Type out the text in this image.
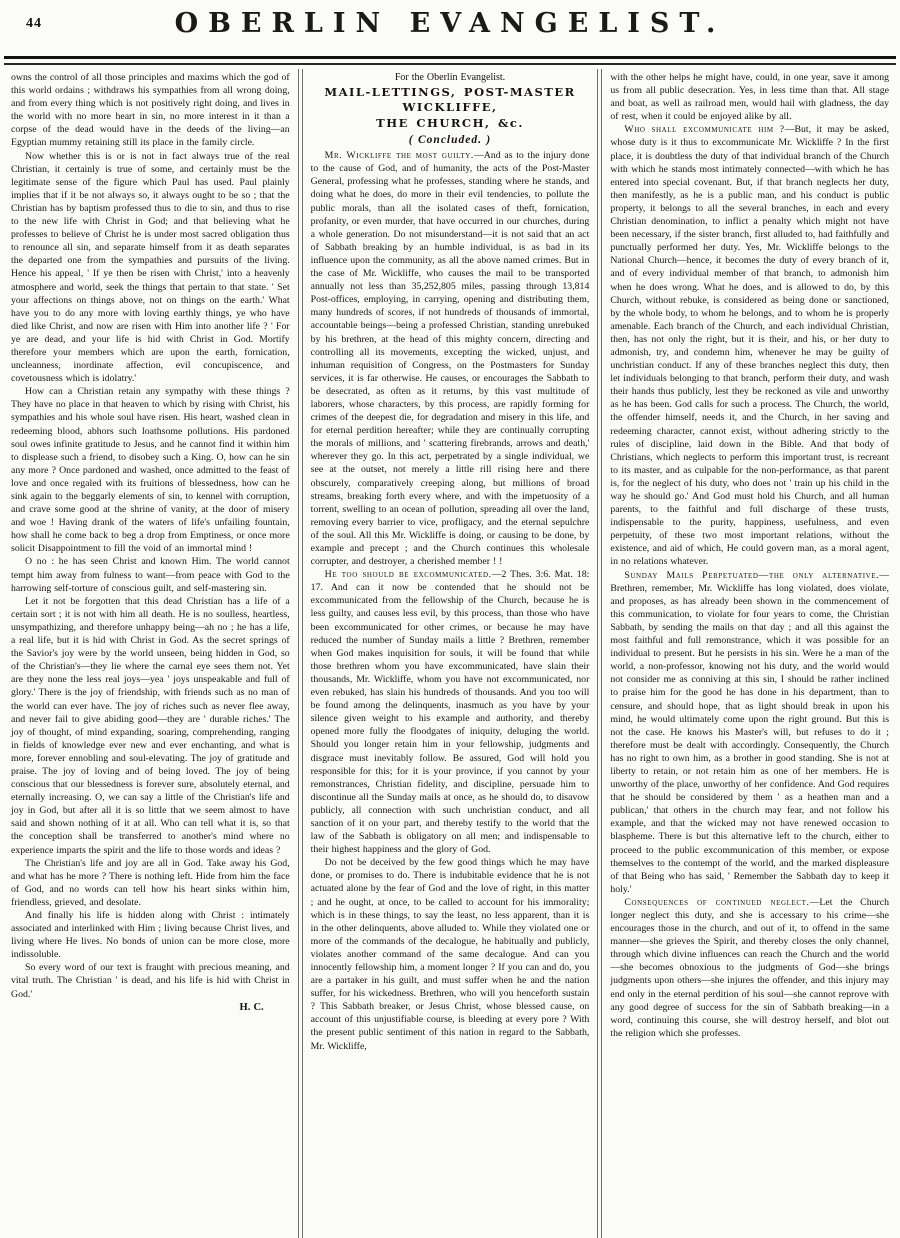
44	OBERLIN EVANGELIST.

owns the control of all those principles and maxims which the god of this world ordains ; withdraws his sympathies from all wrong doing, and from every thing which is not positively right doing, and lives in the world with no more heart in sin, no more interest in it than a corpse of the dead would have in the deeds of the living—an Egyptian mummy retaining still its place in the family circle.

Now whether this is or is not in fact always true of the real Christian, it certainly is true of some, and certainly must be the legitimate sense of the figure which Paul has used. Paul plainly implies that if it be not always so, it always ought to be so ; that the Christian has by baptism professed thus to die to sin, and thus to rise to the new life with Christ in God; and that believing what he professes to believe of Christ he is under most sacred obligation thus to renounce all sin, and separate himself from it as death separates the departed one from the sympathies and pursuits of the living. Hence his appeal, ' If ye then be risen with Christ,' into a heavenly atmosphere and world, seek the things that pertain to that state. ' Set your affections on things above, not on things on the earth.' What have you to do any more with loving earthly things, ye who have died like Christ, and now are risen with Him into another life ? ' For ye are dead, and your life is hid with Christ in God. Mortify therefore your members which are upon the earth, fornication, uncleanness, inordinate affection, evil concupiscence, and covetousness which is idolatry.'

How can a Christian retain any sympathy with these things ? They have no place in that heaven to which by rising with Christ, his sympathies and his whole soul have risen. His heart, washed clean in redeeming blood, abhors such loathsome pollutions. His pardoned soul owes infinite gratitude to Jesus, and he cannot find it within him to displease such a friend, to disobey such a King. O, how can he sin any more ? Once pardoned and washed, once admitted to the feast of love and once regaled with its fruitions of blessedness, how can he sink again to the beggarly elements of sin, to kennel with corruption, and crave some good at the shrine of vanity, at the door of misery and woe ! Having drank of the waters of life's unfailing fountain, how shall he come back to beg a drop from Emptiness, or once more solicit Disappointment to fill the void of an immortal mind !

O no : he has seen Christ and known Him. The world cannot tempt him away from fulness to want—from peace with God to the harrowing self-torture of conscious guilt, and self-mastering sin.

Let it not be forgotten that this dead Christian has a life of a certain sort ; it is not with him all death. He is no soulless, heartless, unsympathizing, and therefore unhappy being—ah no ; he has a life, a real life, but it is hid with Christ in God. As the secret springs of the Savior's joy were by the world unseen, being hidden in God, so of the Christian's—they lie where the carnal eye sees them not. Yet are they none the less real joys—yea ' joys unspeakable and full of glory.' There is the joy of friendship, with friends such as no man of the world can ever have. The joy of riches such as never flee away, and never fail to give abiding good—they are ' durable riches.' The joy of thought, of mind expanding, soaring, comprehending, ranging in fields of knowledge ever new and ever enchanting, and what is more, forever ennobling and soul-elevating. The joy of gratitude and praise. The joy of loving and of being loved. The joy of being conscious that our blessedness is forever sure, absolutely eternal, and eternally increasing. O, we can say a little of the Christian's life and joy in God, but after all it is so little that we seem almost to have said and shown nothing of it at all. Who can tell what it is, so that the conception shall be transferred to another's mind where no experience imparts the spirit and the life to those words and ideas ?

The Christian's life and joy are all in God. Take away his God, and what has he more ? There is nothing left. Hide from him the face of God, and no words can tell how his heart sinks within him, friendless, grieved, and desolate.

And finally his life is hidden along with Christ : intimately associated and interlinked with Him ; living because Christ lives, and living where He lives. No bonds of union can be more close, more indissoluble.

So every word of our text is fraught with precious meaning, and vital truth. The Christian ' is dead, and his life is hid with Christ in God.'

H. C.

For the Oberlin Evangelist.

MAIL-LETTINGS, POST-MASTER WICKLIFFE,

THE CHURCH, &c.

( Concluded. )

Mr. Wickliffe the most guilty.—And as to the injury done to the cause of God, and of humanity, the acts of the Post-Master General, professing what he professes, standing where he stands, and doing what he does, do more in their evil tendencies, to pollute the public morals, than all the isolated cases of theft, fornication, profanity, or even murder, that have occurred in our churches, during a whole generation. Do not misunderstand—it is not said that an act of Sabbath breaking by an humble individual, is as bad in its influence upon the community, as all the above named crimes. But in the case of Mr. Wickliffe, who causes the mail to be transported annually not less than 35,252,805 miles, passing through 13,814 Post-offices, employing, in carrying, opening and distributing them, many hundreds of scores, if not hundreds of thousands of immortal, accountable beings—being a professed Christian, standing unrebuked by his brethren, at the head of this mighty concern, directing and controlling all its movements, excepting the wicked, unjust, and inhuman requisition of Congress, on the Postmasters for Sunday services, it is far otherwise. He causes, or encourages the Sabbath to be desecrated, as often as it returns, by this vast multitude of laborers, whose characters, by this process, are rapidly forming for crimes of the deepest die, for degradation and misery in this life, and for eternal perdition hereafter; while they are continually corrupting the morals of millions, and ' scattering firebrands, arrows and death,' wherever they go. In this act, perpetrated by a single individual, we see at the outset, not merely a little rill rising here and there obscurely, comparatively creeping along, but millions of broad streams, breaking forth every where, and with the impetuosity of a torrent, swelling to an ocean of pollution, spreading all over the land, removing every barrier to vice, profligacy, and the eternal sepulchre of the soul. All this Mr. Wickliffe is doing, or causing to be done, by example and precept ; and the Church continues this wholesale corrupter, and destroyer, a cherished member ! !

He too should be excommunicated.—2 Thes. 3:6. Mat. 18: 17. And can it now be contended that he should not be excommunicated from the fellowship of the Church, because he is less guilty, and causes less evil, by this process, than those who have been excommunicated for other crimes, or because he may have reduced the number of Sunday mails a little ? Brethren, remember when God makes inquisition for souls, it will be found that while those brethren whom you have excommunicated, have slain their thousands, Mr. Wickliffe, whom you have not excommunicated, nor even rebuked, has slain his hundreds of thousands. And you too will be found among the delinquents, inasmuch as you have by your silence given weight to his example and authority, and thereby opened more fully the floodgates of iniquity, deluging the world. Should you longer retain him in your fellowship, judgments and disgrace must inevitably follow. Be assured, God will hold you responsible for this; for it is your province, if you cannot by your remonstrances, Christian fidelity, and discipline, persuade him to discontinue all the Sunday mails at once, as he should do, to disavow publicly, all connection with such unchristian conduct, and all sanction of it on your part, and thereby testify to the world that the law of the Sabbath is obligatory on all men; and indispensable to their highest happiness and the glory of God.

Do not be deceived by the few good things which he may have done, or promises to do. There is indubitable evidence that he is not actuated alone by the fear of God and the love of right, in this matter ; and he ought, at once, to be called to account for his immorality; which is in these things, to say the least, no less apparent, than it is in the other delinquents, above alluded to. While they violated one or more of the commands of the decalogue, he habitually and publicly, violates another command of the same decalogue. And can you innocently fellowship him, a moment longer ? If you can and do, you are a partaker in his guilt, and must suffer when he and the nation suffer, for his wickedness. Brethren, who will you henceforth sustain ? This Sabbath breaker, or Jesus Christ, whose blessed cause, on account of this unjustifiable course, is bleeding at every pore ? With the present public sentiment of this nation in regard to the Sabbath, Mr. Wickliffe,

with the other helps he might have, could, in one year, save it among us from all public desecration. Yes, in less time than that. All stage and boat, as well as railroad men, would hail with gladness, the day of rest, when it could be enjoyed alike by all.

Who shall excommunicate him ?—But, it may be asked, whose duty is it thus to excommunicate Mr. Wickliffe ? In the first place, it is doubtless the duty of that individual branch of the Church with which he stands most intimately connected—with which he has entered into special covenant. But, if that branch neglects her duty, then manifestly, as he is a public man, and his conduct is public property, it belongs to all the several branches, in each and every Christian denomination, to inflict a penalty which might not have been necessary, if the sister branch, first alluded to, had faithfully and punctually performed her duty. Yes, Mr. Wickliffe belongs to the National Church—hence, it becomes the duty of every branch of it, and of every individual member of that branch, to admonish him when he does wrong. What he does, and is allowed to do, by this Church, without rebuke, is considered as being done or sanctioned, by the whole body, to whom he belongs, and to whom he is properly amenable. Each branch of the Church, and each individual Christian, then, has not only the right, but it is their, and his, or her duty to admonish, try, and condemn him, whenever he may be guilty of unchristian conduct. If any of these branches neglect this duty, then let individuals belonging to that branch, perform their duty, and wash their hands thus publicly, lest they be reckoned as vile and unworthy as he has been. God calls for such a process. The Church, the world, the offender himself, needs it, and the Church, in her saving and redeeming character, cannot exist, without adhering strictly to the rules of discipline, laid down in the Bible. And that body of Christians, which neglects to perform this important trust, is recreant to its master, and as culpable for the non-performance, as that parent is, for the neglect of his duty, who does not ' train up his child in the way he should go.' And God must hold his Church, and all human parents, to the faithful and full discharge of these trusts, indispensable to the purity, happiness, usefulness, and even perpetuity, of these two most important relations, without the existence, and aid of which, He could govern man, as a moral agent, in no relations whatever.

Sunday Mails Perpetuated—the only alternative.—Brethren, remember, Mr. Wickliffe has long violated, does violate, and proposes, as has already been shown in the commencement of this communication, to violate for four years to come, the Christian Sabbath, by sending the mails on that day ; and all this against the most faithful and full remonstrance, which it was possible for an individual to present. But he persists in his sin. Were he a man of the world, a non-professor, knowing not his duty, and the world would not consider me as conniving at this sin, I should be rather inclined to praise him for the good he has done in his department, than to censure, and should hope, that as light should break in upon his mind, he would ultimately come upon the right ground. But this is not the case. He knows his Master's will, but refuses to do it ; therefore must be dealt with accordingly. Consequently, the Church has no right to own him, as a brother in good standing. She is not at liberty to retain, or not retain him as one of her members. He is unworthy of the place, unworthy of her confidence. And God requires that he should be considered by them ' as a heathen man and a publican,' that others in the church may fear, and not follow his example, and that the wicked may not have renewed occasion to blaspheme. There is but this alternative left to the church, either to proceed to the public excommunication of this member, or expose themselves to the contempt of the world, and the marked displeasure of that Being who has said, ' Remember the Sabbath day to keep it holy.'

Consequences of continued neglect.—Let the Church longer neglect this duty, and she is accessary to his crime—she encourages those in the church, and out of it, to offend in the same manner—she grieves the Spirit, and thereby closes the only channel, through which divine influences can reach the Church and the world—she becomes obnoxious to the judgments of God—she brings judgments upon others—she injures the offender, and this injury may end only in the eternal perdition of his soul—she cannot reprove with any good degree of success for the sin of Sabbath breaking—in a word, continuing this course, she will destroy herself, and blot out the religion which she professes.
